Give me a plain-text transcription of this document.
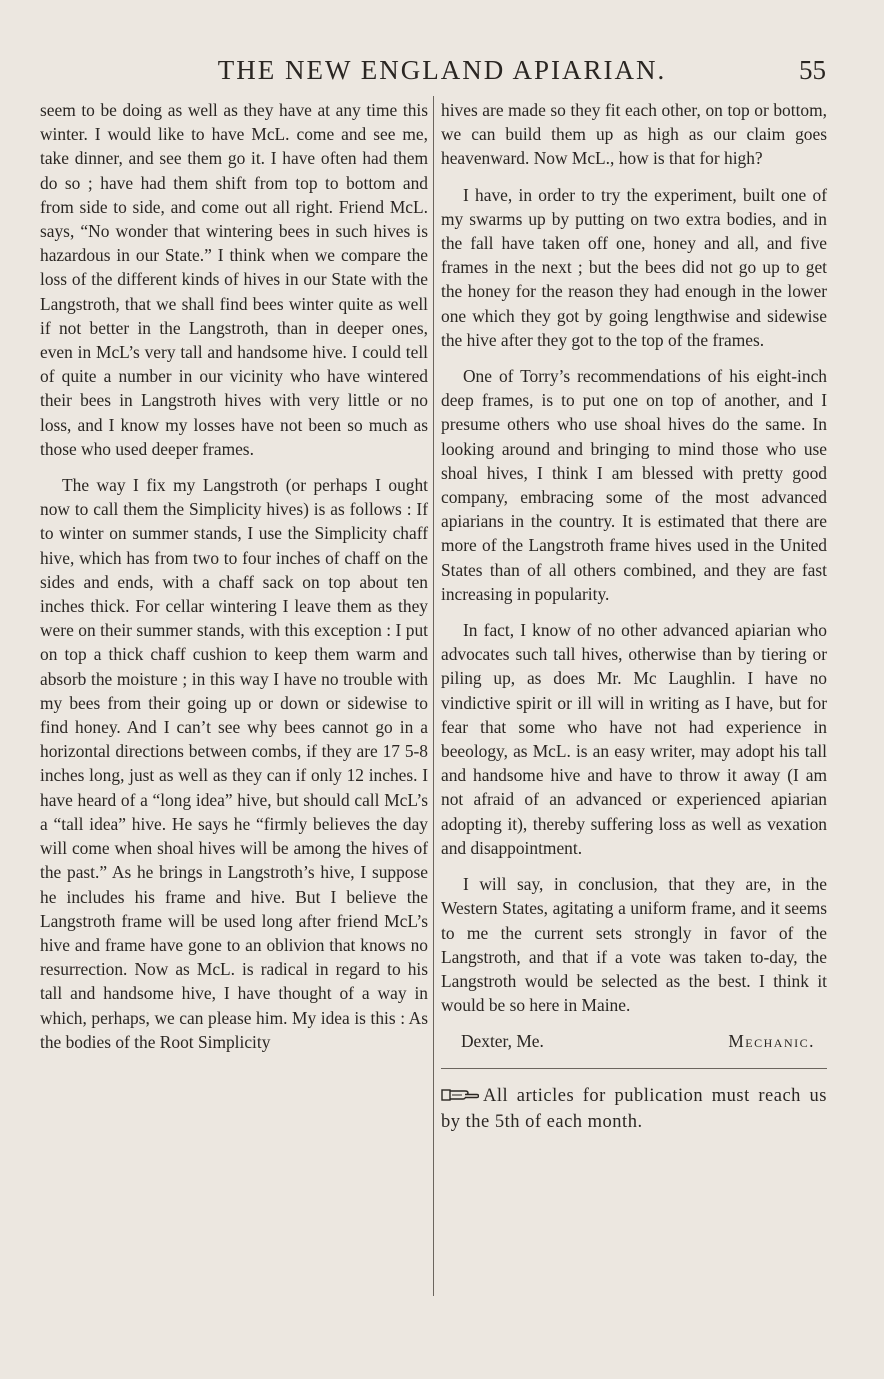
THE NEW ENGLAND APIARIAN.	55

seem to be doing as well as they have at any time this winter. I would like to have McL. come and see me, take dinner, and see them go it. I have often had them do so ; have had them shift from top to bottom and from side to side, and come out all right. Friend McL. says, “No wonder that wintering bees in such hives is hazardous in our State.” I think when we compare the loss of the different kinds of hives in our State with the Langstroth, that we shall find bees winter quite as well if not better in the Langstroth, than in deeper ones, even in McL’s very tall and handsome hive. I could tell of quite a number in our vicinity who have wintered their bees in Langstroth hives with very little or no loss, and I know my losses have not been so much as those who used deeper frames.

The way I fix my Langstroth (or perhaps I ought now to call them the Simplicity hives) is as follows : If to winter on summer stands, I use the Simplicity chaff hive, which has from two to four inches of chaff on the sides and ends, with a chaff sack on top about ten inches thick. For cellar wintering I leave them as they were on their summer stands, with this exception : I put on top a thick chaff cushion to keep them warm and absorb the moisture ; in this way I have no trouble with my bees from their going up or down or sidewise to find honey. And I can’t see why bees cannot go in a horizontal directions between combs, if they are 17 5-8 inches long, just as well as they can if only 12 inches. I have heard of a “long idea” hive, but should call McL’s a “tall idea” hive. He says he “firmly believes the day will come when shoal hives will be among the hives of the past.” As he brings in Langstroth’s hive, I suppose he includes his frame and hive. But I believe the Langstroth frame will be used long after friend McL’s hive and frame have gone to an oblivion that knows no resurrection. Now as McL. is radical in regard to his tall and handsome hive, I have thought of a way in which, perhaps, we can please him. My idea is this : As the bodies of the Root Simplicity

hives are made so they fit each other, on top or bottom, we can build them up as high as our claim goes heavenward. Now McL., how is that for high?

I have, in order to try the experiment, built one of my swarms up by putting on two extra bodies, and in the fall have taken off one, honey and all, and five frames in the next ; but the bees did not go up to get the honey for the reason they had enough in the lower one which they got by going lengthwise and sidewise the hive after they got to the top of the frames.

One of Torry’s recommendations of his eight-inch deep frames, is to put one on top of another, and I presume others who use shoal hives do the same. In looking around and bringing to mind those who use shoal hives, I think I am blessed with pretty good company, embracing some of the most advanced apiarians in the country. It is estimated that there are more of the Langstroth frame hives used in the United States than of all others combined, and they are fast increasing in popularity.

In fact, I know of no other advanced apiarian who advocates such tall hives, otherwise than by tiering or piling up, as does Mr. Mc Laughlin. I have no vindictive spirit or ill will in writing as I have, but for fear that some who have not had experience in beeology, as McL. is an easy writer, may adopt his tall and handsome hive and have to throw it away (I am not afraid of an advanced or experienced apiarian adopting it), thereby suffering loss as well as vexation and disappointment.

I will say, in conclusion, that they are, in the Western States, agitating a uniform frame, and it seems to me the current sets strongly in favor of the Langstroth, and that if a vote was taken to-day, the Langstroth would be selected as the best. I think it would be so here in Maine.

Dexter, Me.	Mechanic.
All articles for publication must reach us by the 5th of each month.
